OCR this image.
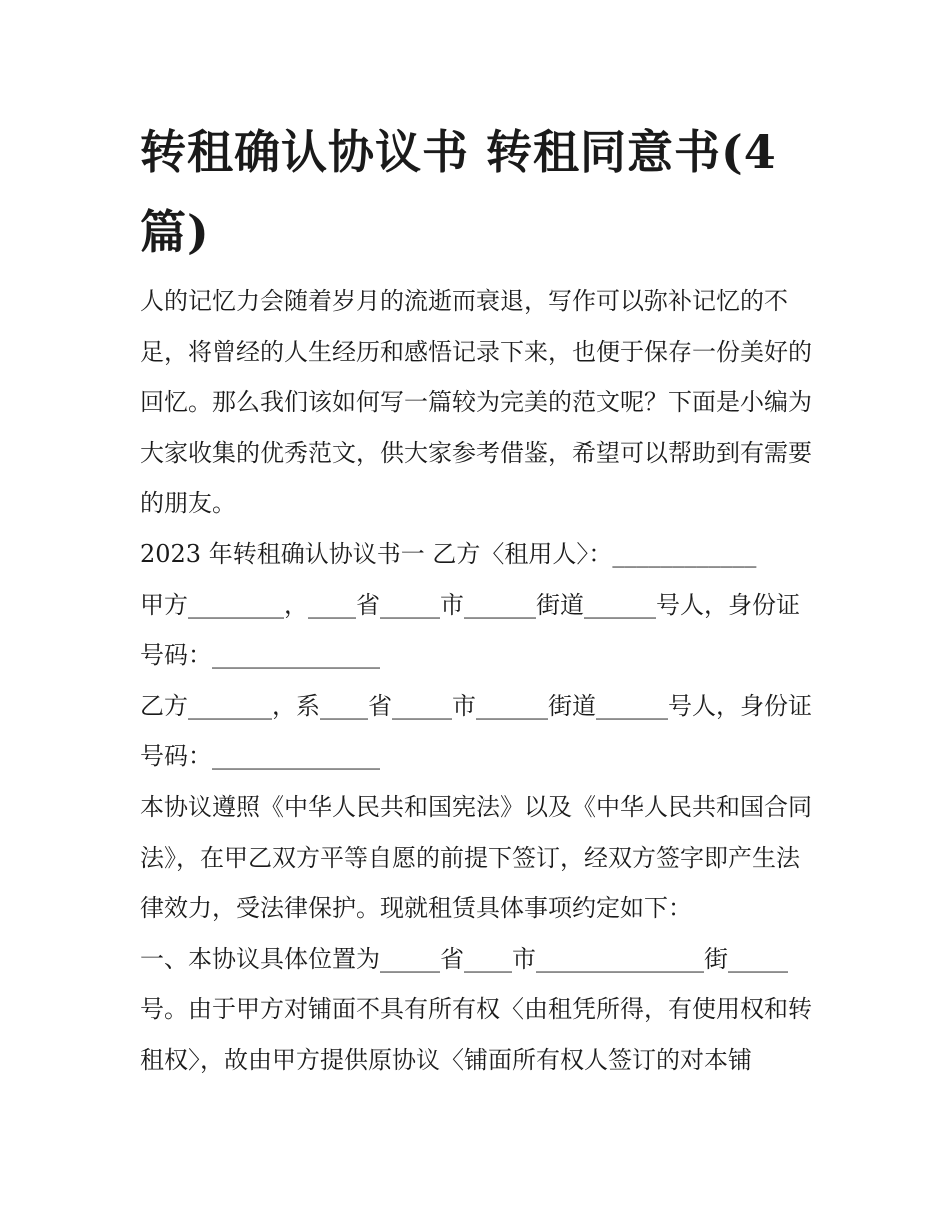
转租确认协议书 转租同意书(4篇)

人的记忆力会随着岁月的流逝而衰退，写作可以弥补记忆的不足，将曾经的人生经历和感悟记录下来，也便于保存一份美好的回忆。那么我们该如何写一篇较为完美的范文呢？下面是小编为大家收集的优秀范文，供大家参考借鉴，希望可以帮助到有需要的朋友。

2023 年转租确认协议书一 乙方〈租用人〉：____________

甲方________，____省_____市______街道______号人，身份证号码：______________

乙方_______，系____省_____市______街道______号人，身份证号码：______________

本协议遵照《中华人民共和国宪法》以及《中华人民共和国合同法》，在甲乙双方平等自愿的前提下签订，经双方签字即产生法律效力，受法律保护。现就租赁具体事项约定如下：

一、本协议具体位置为_____省____市______________街_____号。由于甲方对铺面不具有所有权〈由租凭所得，有使用权和转租权〉，故由甲方提供原协议〈铺面所有权人签订的对本铺
